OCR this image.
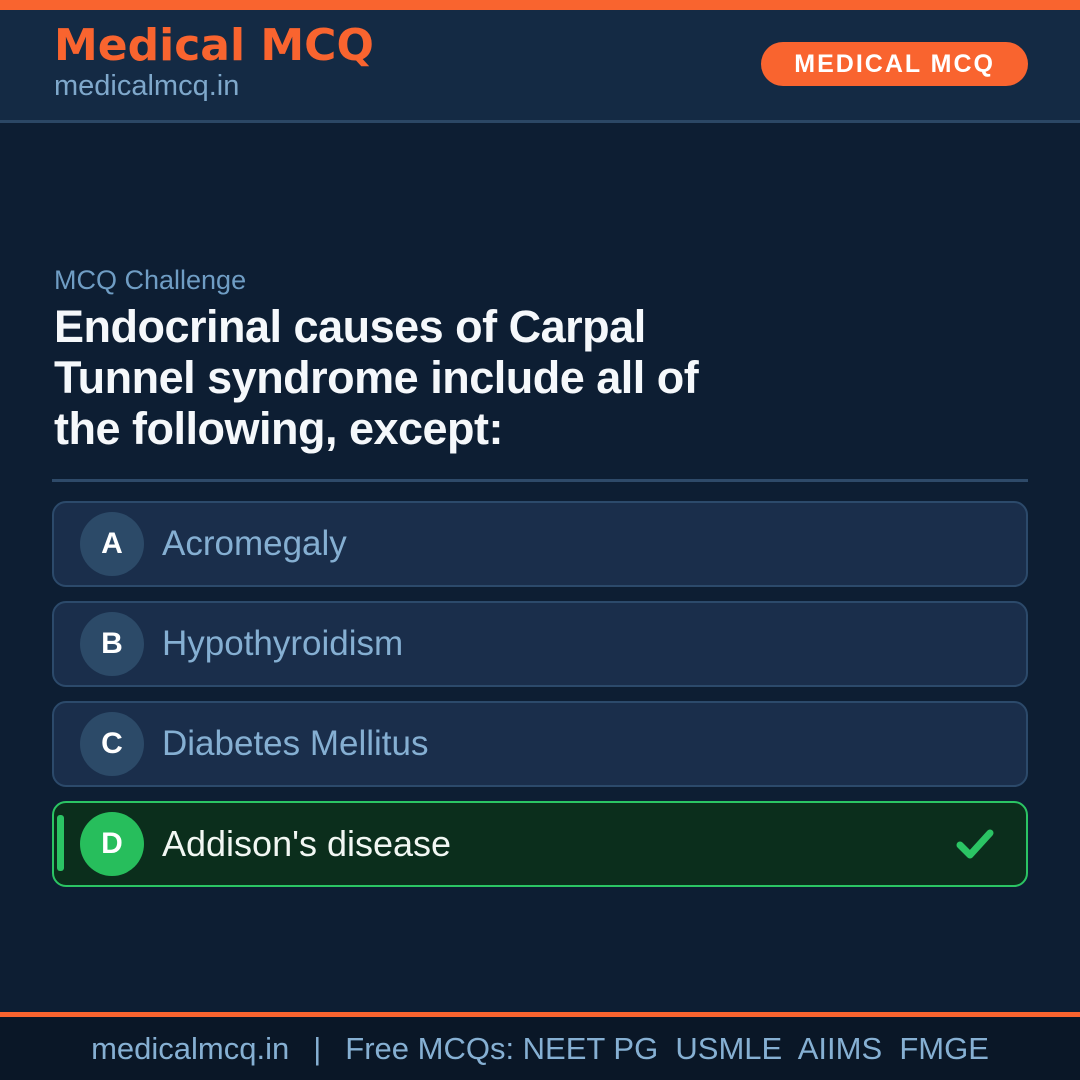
Medical MCQ
medicalmcq.in
MEDICAL MCQ
MCQ Challenge
Endocrinal causes of Carpal
Tunnel syndrome include all of
the following, except:
A	Acromegaly
B	Hypothyroidism
C	Diabetes Mellitus
D	Addison's disease
medicalmcq.in | Free MCQs: NEET PG  USMLE  AIIMS  FMGE
